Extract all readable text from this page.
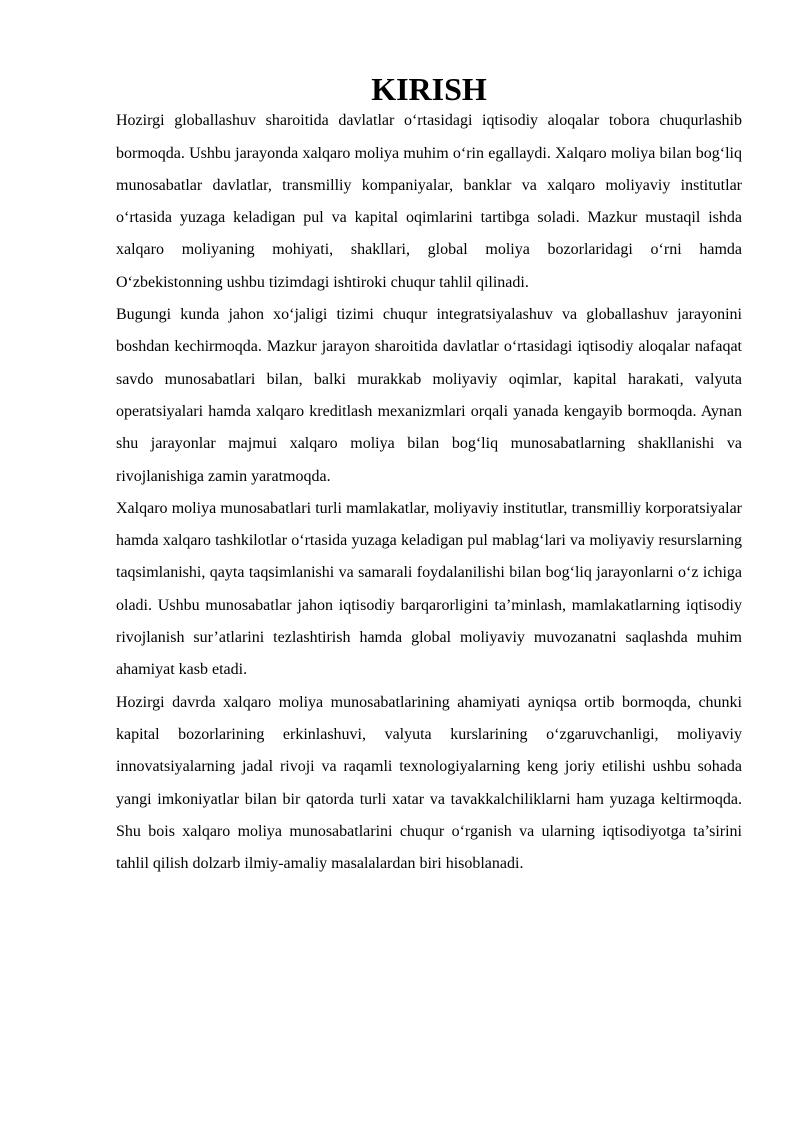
KIRISH

Hozirgi globallashuv sharoitida davlatlar o‘rtasidagi iqtisodiy aloqalar tobora chuqurlashib bormoqda. Ushbu jarayonda xalqaro moliya muhim o‘rin egallaydi. Xalqaro moliya bilan bog‘liq munosabatlar davlatlar, transmilliy kompaniyalar, banklar va xalqaro moliyaviy institutlar o‘rtasida yuzaga keladigan pul va kapital oqimlarini tartibga soladi. Mazkur mustaqil ishda xalqaro moliyaning mohiyati, shakllari, global moliya bozorlaridagi o‘rni hamda O‘zbekistonning ushbu tizimdagi ishtiroki chuqur tahlil qilinadi.

Bugungi kunda jahon xo‘jaligi tizimi chuqur integratsiyalashuv va globallashuv jarayonini boshdan kechirmoqda. Mazkur jarayon sharoitida davlatlar o‘rtasidagi iqtisodiy aloqalar nafaqat savdo munosabatlari bilan, balki murakkab moliyaviy oqimlar, kapital harakati, valyuta operatsiyalari hamda xalqaro kreditlash mexanizmlari orqali yanada kengayib bormoqda. Aynan shu jarayonlar majmui xalqaro moliya bilan bog‘liq munosabatlarning shakllanishi va rivojlanishiga zamin yaratmoqda.

Xalqaro moliya munosabatlari turli mamlakatlar, moliyaviy institutlar, transmilliy korporatsiyalar hamda xalqaro tashkilotlar o‘rtasida yuzaga keladigan pul mablag‘lari va moliyaviy resurslarning taqsimlanishi, qayta taqsimlanishi va samarali foydalanilishi bilan bog‘liq jarayonlarni o‘z ichiga oladi. Ushbu munosabatlar jahon iqtisodiy barqarorligini ta’minlash, mamlakatlarning iqtisodiy rivojlanish sur’atlarini tezlashtirish hamda global moliyaviy muvozanatni saqlashda muhim ahamiyat kasb etadi.

Hozirgi davrda xalqaro moliya munosabatlarining ahamiyati ayniqsa ortib bormoqda, chunki kapital bozorlarining erkinlashuvi, valyuta kurslarining o‘zgaruvchanligi, moliyaviy innovatsiyalarning jadal rivoji va raqamli texnologiyalarning keng joriy etilishi ushbu sohada yangi imkoniyatlar bilan bir qatorda turli xatar va tavakkalchiliklarni ham yuzaga keltirmoqda. Shu bois xalqaro moliya munosabatlarini chuqur o‘rganish va ularning iqtisodiyotga ta’sirini tahlil qilish dolzarb ilmiy-amaliy masalalardan biri hisoblanadi.
